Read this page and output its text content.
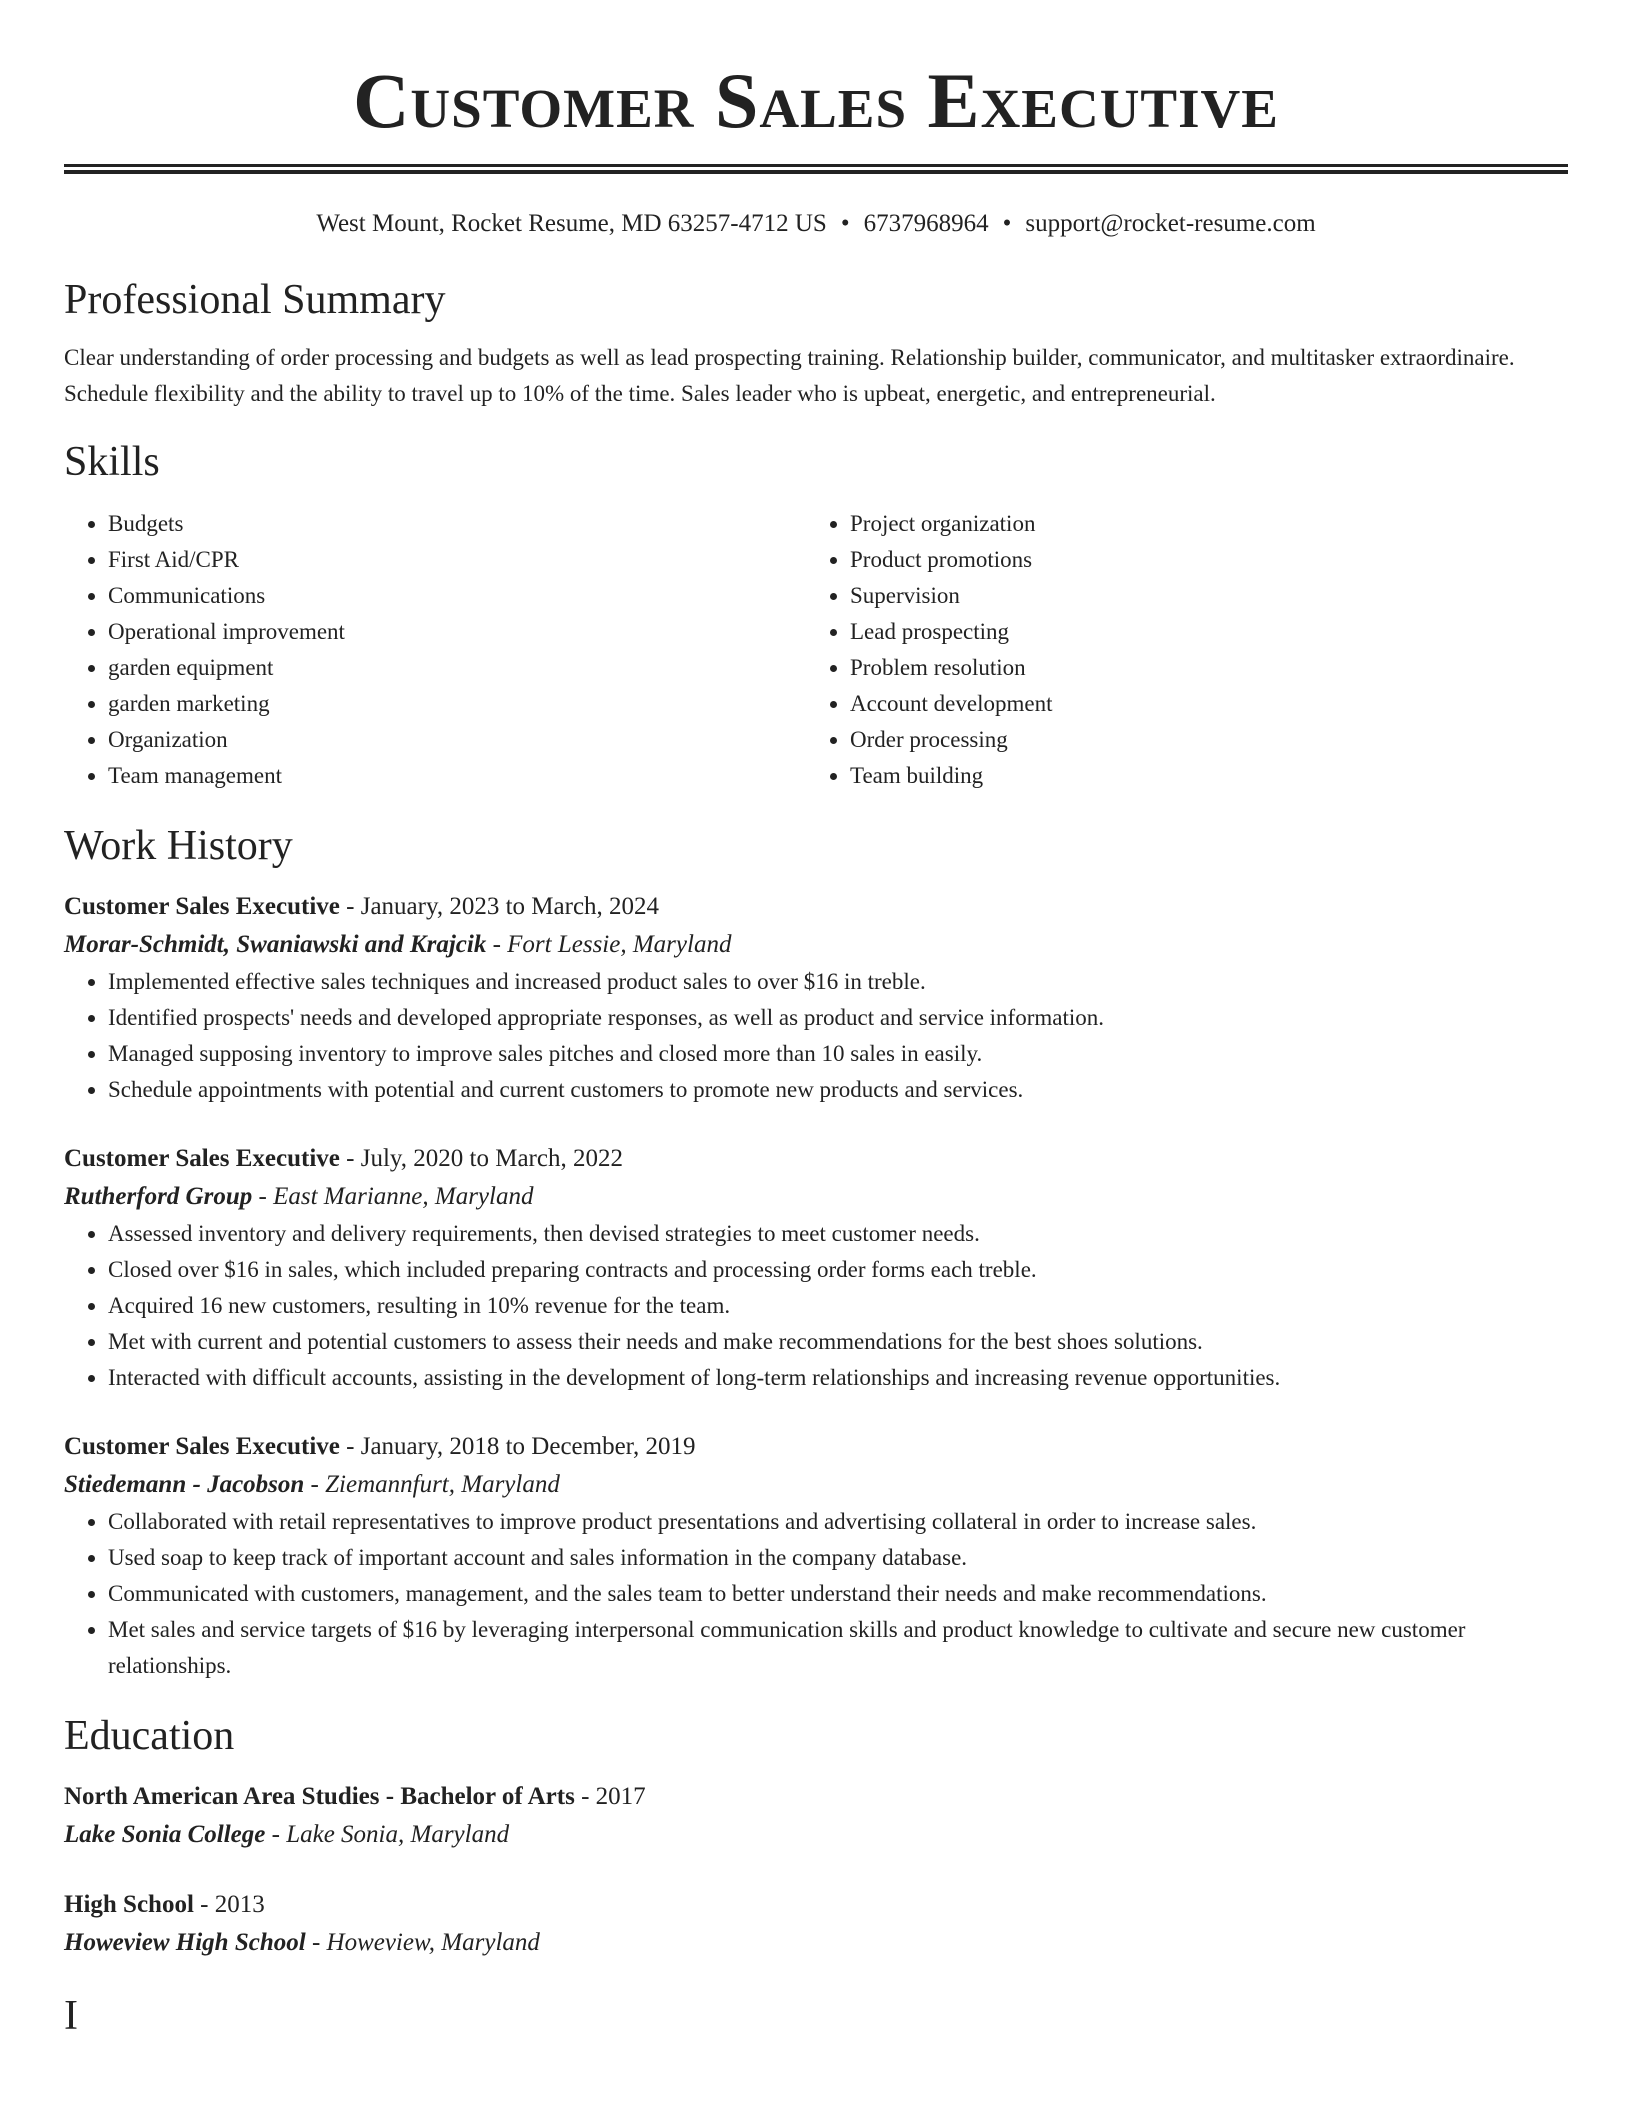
Customer Sales Executive
West Mount, Rocket Resume, MD 63257-4712 US • 6737968964 • support@rocket-resume.com
Professional Summary

Clear understanding of order processing and budgets as well as lead prospecting training. Relationship builder, communicator, and multitasker extraordinaire. Schedule flexibility and the ability to travel up to 10% of the time. Sales leader who is upbeat, energetic, and entrepreneurial.

Skills
• Budgets
• First Aid/CPR
• Communications
• Operational improvement
• garden equipment
• garden marketing
• Organization
• Team management
• Project organization
• Product promotions
• Supervision
• Lead prospecting
• Problem resolution
• Account development
• Order processing
• Team building
Work History
Customer Sales Executive - January, 2023 to March, 2024
Morar-Schmidt, Swaniawski and Krajcik - Fort Lessie, Maryland
• Implemented effective sales techniques and increased product sales to over $16 in treble.
• Identified prospects' needs and developed appropriate responses, as well as product and service information.
• Managed supposing inventory to improve sales pitches and closed more than 10 sales in easily.
• Schedule appointments with potential and current customers to promote new products and services.
Customer Sales Executive - July, 2020 to March, 2022
Rutherford Group - East Marianne, Maryland
• Assessed inventory and delivery requirements, then devised strategies to meet customer needs.
• Closed over $16 in sales, which included preparing contracts and processing order forms each treble.
• Acquired 16 new customers, resulting in 10% revenue for the team.
• Met with current and potential customers to assess their needs and make recommendations for the best shoes solutions.
• Interacted with difficult accounts, assisting in the development of long-term relationships and increasing revenue opportunities.
Customer Sales Executive - January, 2018 to December, 2019
Stiedemann - Jacobson - Ziemannfurt, Maryland
• Collaborated with retail representatives to improve product presentations and advertising collateral in order to increase sales.
• Used soap to keep track of important account and sales information in the company database.
• Communicated with customers, management, and the sales team to better understand their needs and make recommendations.
• Met sales and service targets of $16 by leveraging interpersonal communication skills and product knowledge to cultivate and secure new customer relationships.
Education
North American Area Studies - Bachelor of Arts - 2017
Lake Sonia College - Lake Sonia, Maryland
High School - 2013
Howeview High School - Howeview, Maryland
I
